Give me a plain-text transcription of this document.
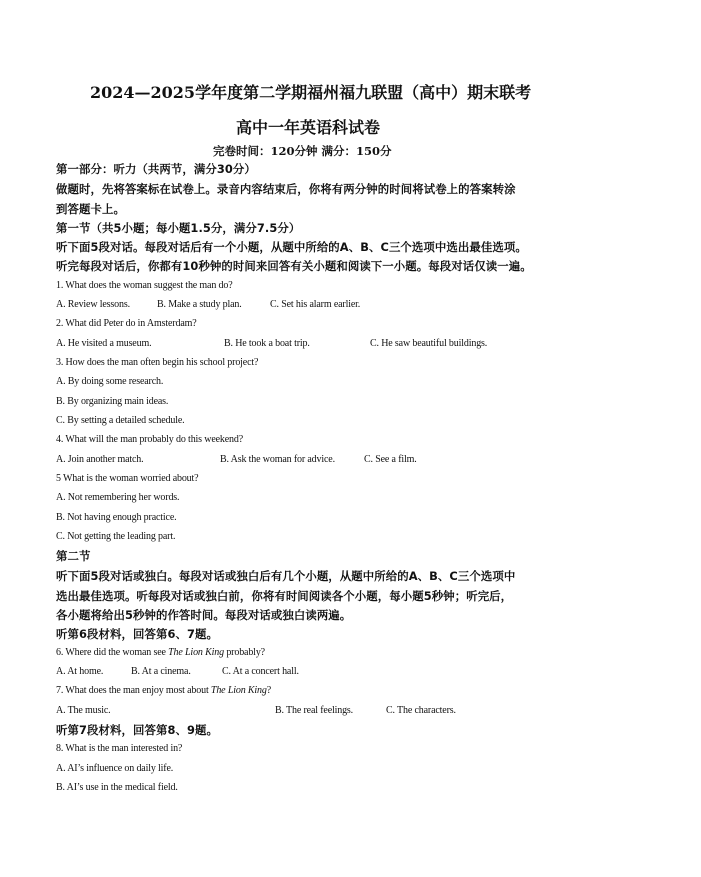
2024—2025学年度第二学期福州福九联盟（高中）期末联考
高中一年英语科试卷
完卷时间：120分钟 满分：150分
第一部分：听力（共两节，满分30分）
做题时，先将答案标在试卷上。录音内容结束后，你将有两分钟的时间将试卷上的答案转涂
到答题卡上。
第一节（共5小题；每小题1.5分，满分7.5分）
听下面5段对话。每段对话后有一个小题，从题中所给的A、B、C三个选项中选出最佳选项。
听完每段对话后，你都有10秒钟的时间来回答有关小题和阅读下一小题。每段对话仅读一遍。
1. What does the woman suggest the man do?
A. Review lessons.	B. Make a study plan.	C. Set his alarm earlier.
2. What did Peter do in Amsterdam?
A. He visited a museum.	B. He took a boat trip.	C. He saw beautiful buildings.
3. How does the man often begin his school project?
A. By doing some research.
B. By organizing main ideas.
C. By setting a detailed schedule.
4. What will the man probably do this weekend?
A. Join another match.	B. Ask the woman for advice.	C. See a film.
5 What is the woman worried about?
A. Not remembering her words.
B. Not having enough practice.
C. Not getting the leading part.
第二节
听下面5段对话或独白。每段对话或独白后有几个小题，从题中所给的A、B、C三个选项中
选出最佳选项。听每段对话或独白前，你将有时间阅读各个小题，每小题5秒钟；听完后，
各小题将给出5秒钟的作答时间。每段对话或独白读两遍。
听第6段材料，回答第6、7题。
6. Where did the woman see The Lion King probably?
A. At home.	B. At a cinema.	C. At a concert hall.
7. What does the man enjoy most about The Lion King?
A. The music.	B. The real feelings.	C. The characters.
听第7段材料，回答第8、9题。
8. What is the man interested in?
A. AI’s influence on daily life.
B. AI’s use in the medical field.
